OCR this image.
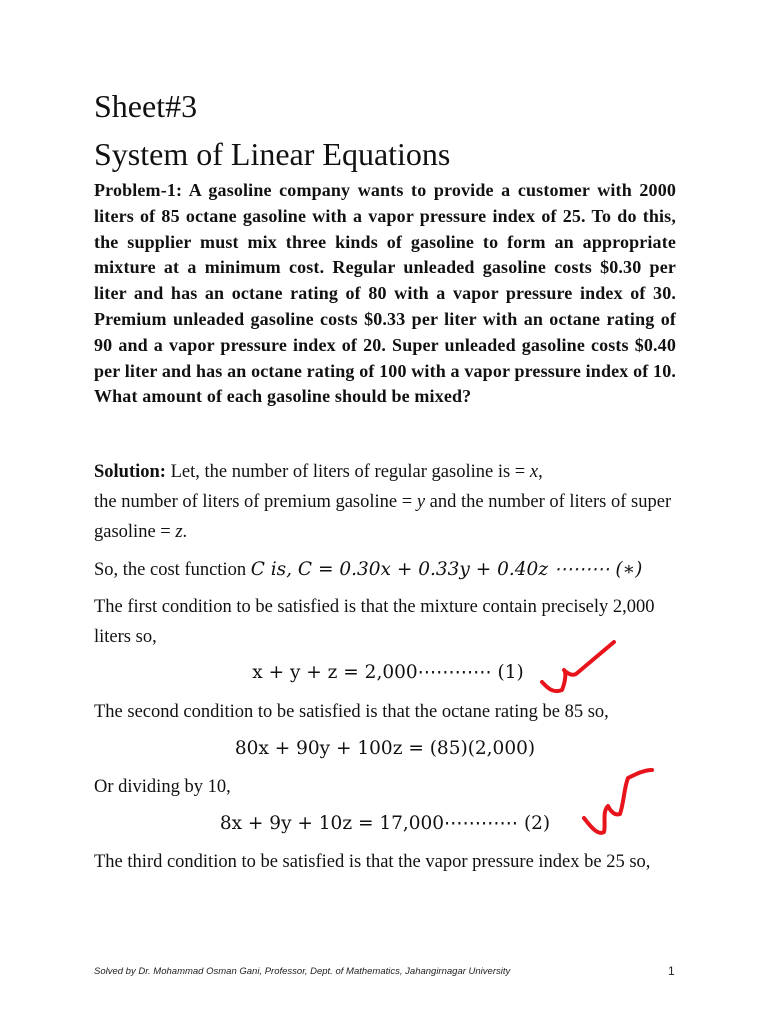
Sheet#3
System of Linear Equations

Problem-1: A gasoline company wants to provide a customer with 2000 liters of 85 octane gasoline with a vapor pressure index of 25. To do this, the supplier must mix three kinds of gasoline to form an appropriate mixture at a minimum cost. Regular unleaded gasoline costs $0.30 per liter and has an octane rating of 80 with a vapor pressure index of 30. Premium unleaded gasoline costs $0.33 per liter with an octane rating of 90 and a vapor pressure index of 20. Super unleaded gasoline costs $0.40 per liter and has an octane rating of 100 with a vapor pressure index of 10. What amount of each gasoline should be mixed?

Solution: Let, the number of liters of regular gasoline is = x,
the number of liters of premium gasoline = y and the number of liters of super gasoline = z.

So, the cost function C is, C = 0.30x + 0.33y + 0.40z ⋯⋯⋯ (∗)

The first condition to be satisfied is that the mixture contain precisely 2,000 liters so,

x + y + z = 2,000⋯⋯⋯⋯ (1)

The second condition to be satisfied is that the octane rating be 85 so,

80x + 90y + 100z = (85)(2,000)

Or dividing by 10,

8x + 9y + 10z = 17,000⋯⋯⋯⋯ (2)

The third condition to be satisfied is that the vapor pressure index be 25 so,

Solved by Dr. Mohammad Osman Gani, Professor, Dept. of Mathematics, Jahangirnagar University	1
